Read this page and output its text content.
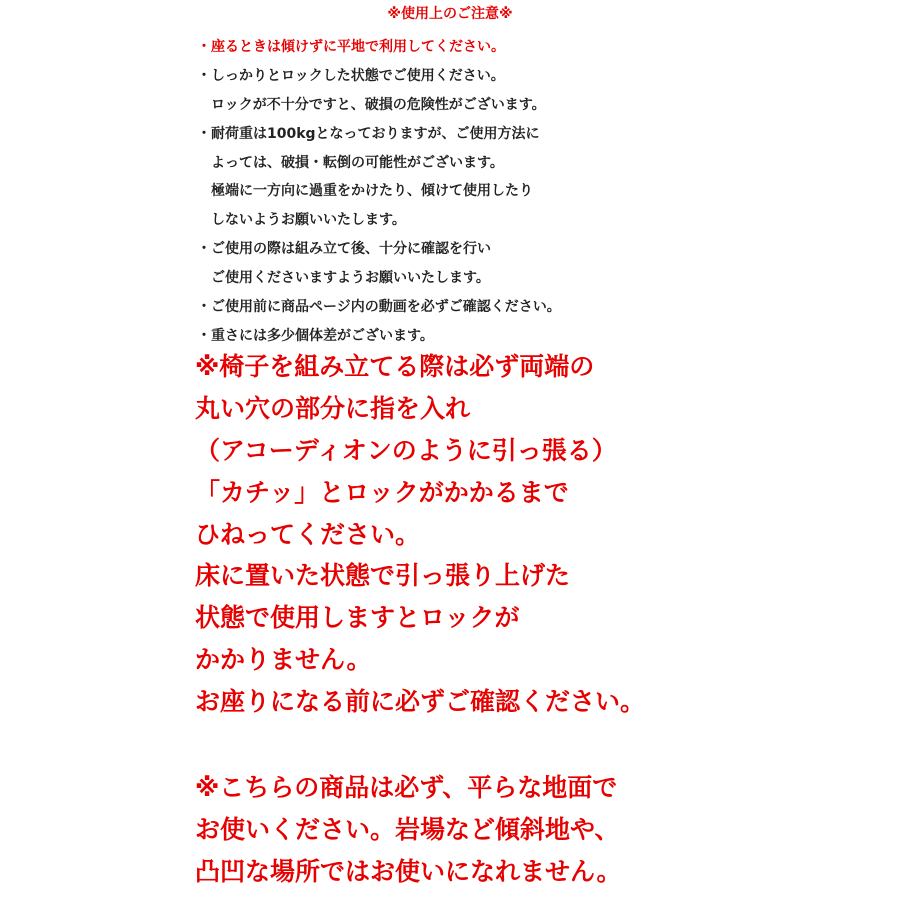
※使用上のご注意※
・座るときは傾けずに平地で利用してください。
・しっかりとロックした状態でご使用ください。
ロックが不十分ですと、破損の危険性がございます。
・耐荷重は100kgとなっておりますが、ご使用方法に
よっては、破損・転倒の可能性がございます。
極端に一方向に過重をかけたり、傾けて使用したり
しないようお願いいたします。
・ご使用の際は組み立て後、十分に確認を行い
ご使用くださいますようお願いいたします。
・ご使用前に商品ページ内の動画を必ずご確認ください。
・重さには多少個体差がございます。
※椅子を組み立てる際は必ず両端の
丸い穴の部分に指を入れ
（アコーディオンのように引っ張る）
「カチッ」とロックがかかるまで
ひねってください。
床に置いた状態で引っ張り上げた
状態で使用しますとロックが
かかりません。
お座りになる前に必ずご確認ください。
※こちらの商品は必ず、平らな地面で
お使いください。岩場など傾斜地や、
凸凹な場所ではお使いになれません。
